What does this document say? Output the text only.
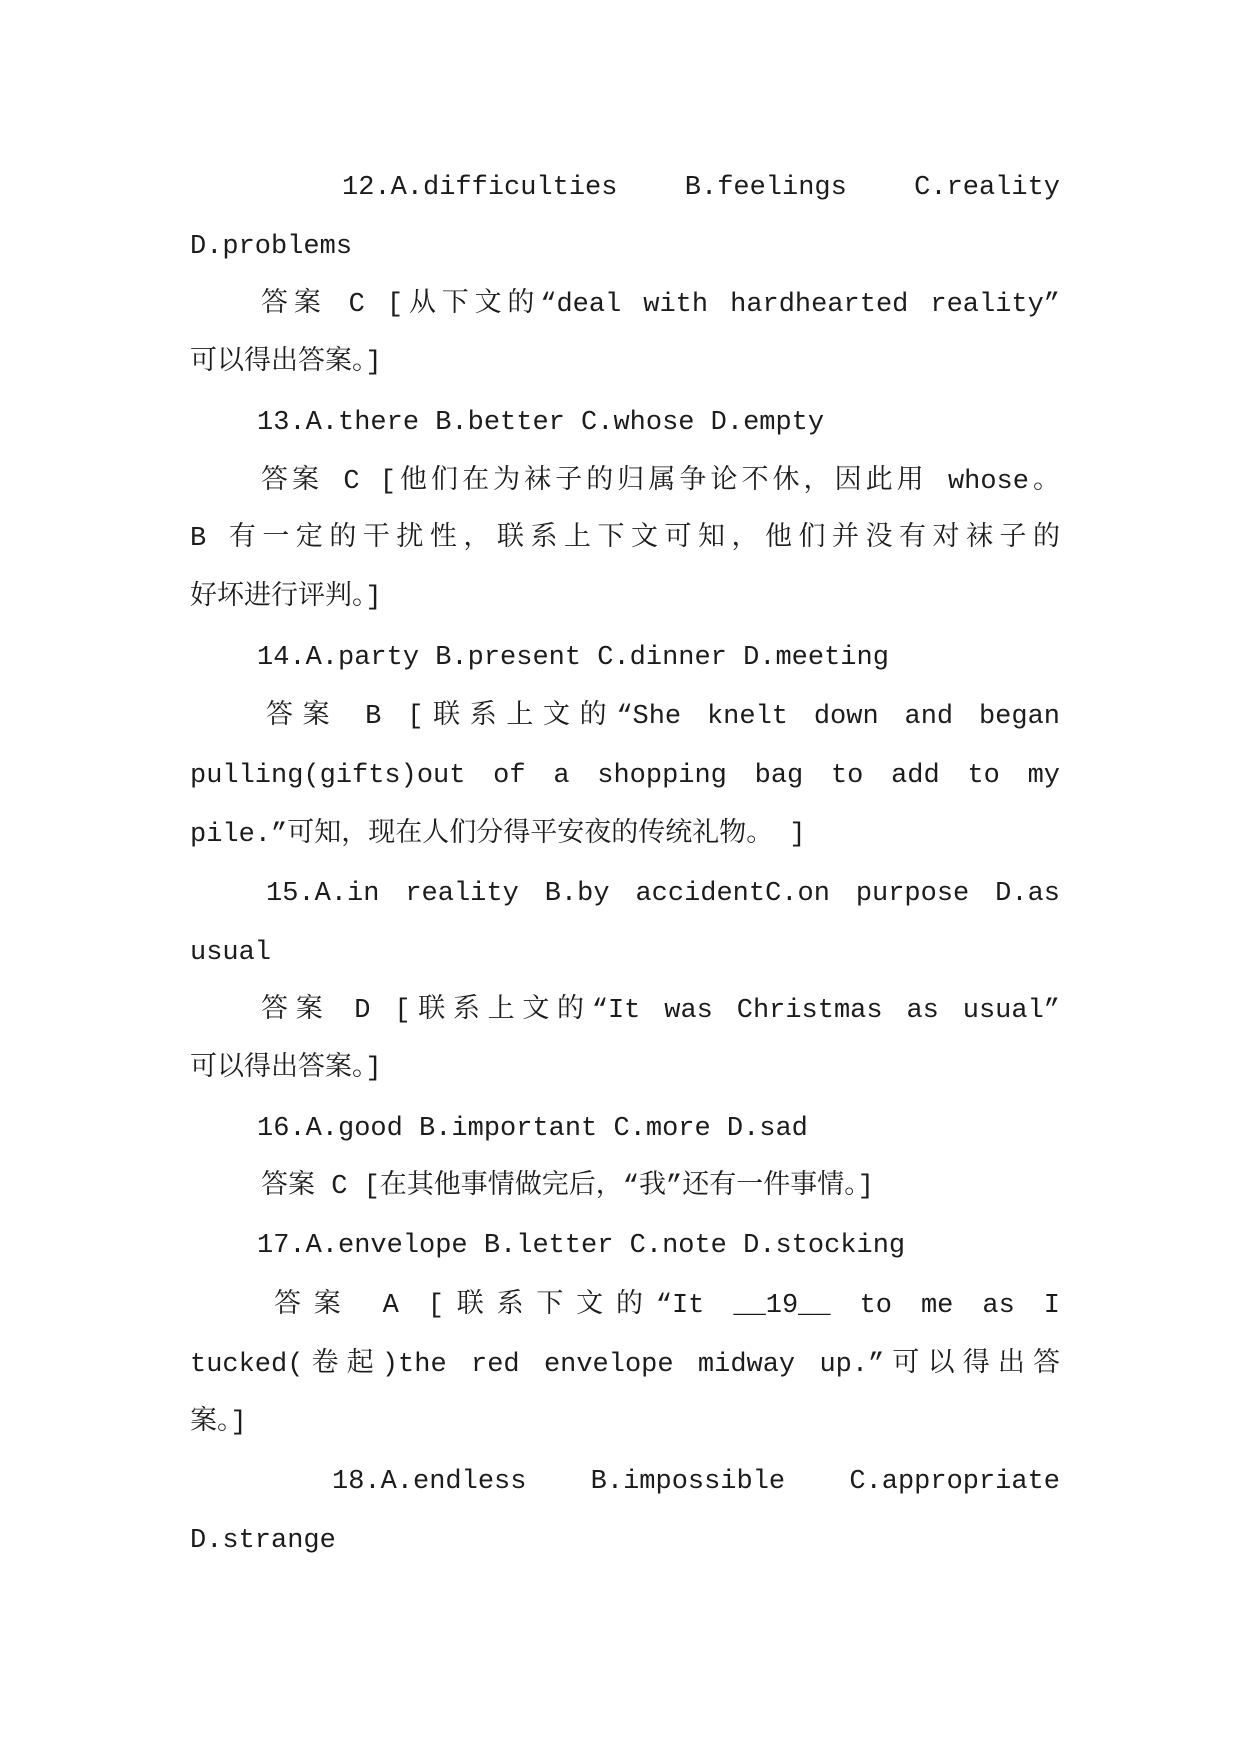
12.A.difficulties B.feelings C.reality
D.problems
答案 C [从下文的“deal with hardhearted reality”
可以得出答案。]
13.A.there B.better C.whose D.empty
答案 C [他们在为袜子的归属争论不休，因此用 whose。
B 有一定的干扰性，联系上下文可知，他们并没有对袜子的
好坏进行评判。]
14.A.party B.present C.dinner D.meeting
答案 B [联系上文的“She knelt down and began
pulling(gifts)out of a shopping bag to add to my
pile.”可知，现在人们分得平安夜的传统礼物。 ]
15.A.in reality B.by accidentC.on purpose D.as
usual
答案 D [联系上文的“It was Christmas as usual”
可以得出答案。]
16.A.good B.important C.more D.sad
答案 C [在其他事情做完后，“我”还有一件事情。]
17.A.envelope B.letter C.note D.stocking
答案 A [联系下文的“It __19__ to me as I
tucked(卷起)the red envelope midway up.”可以得出答
案。]
18.A.endless B.impossible C.appropriate
D.strange
